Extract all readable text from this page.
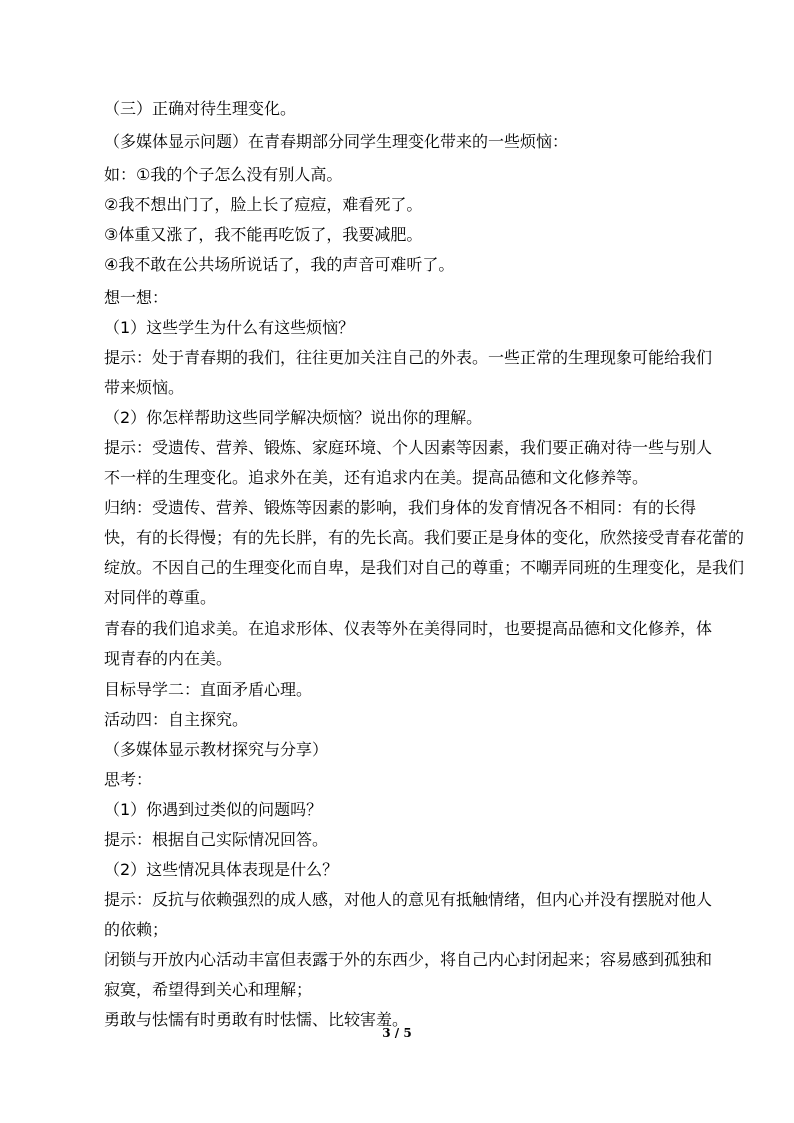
（三）正确对待生理变化。
（多媒体显示问题）在青春期部分同学生理变化带来的一些烦恼：
如：①我的个子怎么没有别人高。
②我不想出门了，脸上长了痘痘，难看死了。
③体重又涨了，我不能再吃饭了，我要减肥。
④我不敢在公共场所说话了，我的声音可难听了。
想一想：
（1）这些学生为什么有这些烦恼？
提示：处于青春期的我们，往往更加关注自己的外表。一些正常的生理现象可能给我们
带来烦恼。
（2）你怎样帮助这些同学解决烦恼？说出你的理解。
提示：受遗传、营养、锻炼、家庭环境、个人因素等因素，我们要正确对待一些与别人
不一样的生理变化。追求外在美，还有追求内在美。提高品德和文化修养等。
归纳：受遗传、营养、锻炼等因素的影响，我们身体的发育情况各不相同：有的长得
快，有的长得慢；有的先长胖，有的先长高。我们要正是身体的变化，欣然接受青春花蕾的
绽放。不因自己的生理变化而自卑，是我们对自己的尊重；不嘲弄同班的生理变化，是我们
对同伴的尊重。
青春的我们追求美。在追求形体、仪表等外在美得同时，也要提高品德和文化修养，体
现青春的内在美。
目标导学二：直面矛盾心理。
活动四：自主探究。
（多媒体显示教材探究与分享）
思考：
（1）你遇到过类似的问题吗？
提示：根据自己实际情况回答。
（2）这些情况具体表现是什么？
提示：反抗与依赖强烈的成人感，对他人的意见有抵触情绪，但内心并没有摆脱对他人
的依赖；
闭锁与开放内心活动丰富但表露于外的东西少，将自己内心封闭起来；容易感到孤独和
寂寞，希望得到关心和理解；
勇敢与怯懦有时勇敢有时怯懦、比较害羞。
3 / 5
